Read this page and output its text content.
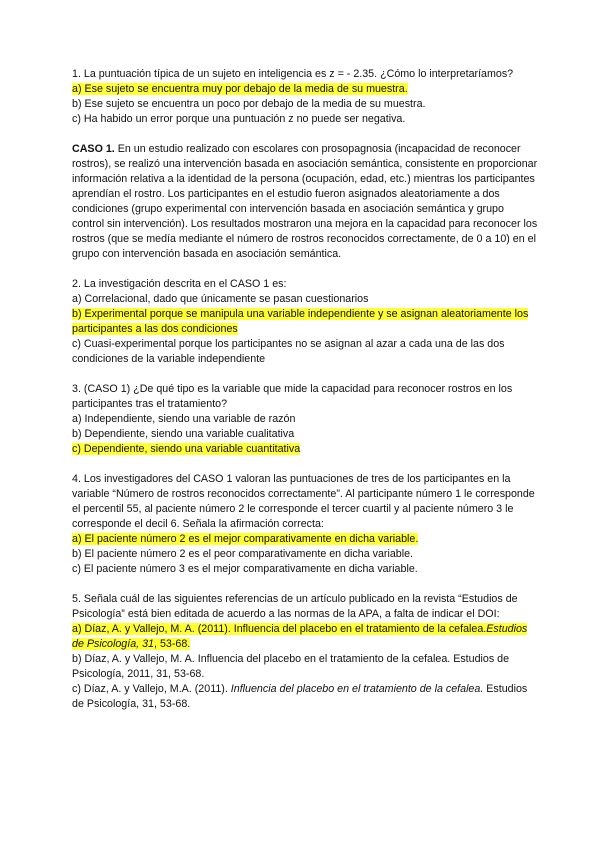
1. La puntuación típica de un sujeto en inteligencia es z = - 2.35. ¿Cómo lo interpretaríamos?

a) Ese sujeto se encuentra muy por debajo de la media de su muestra.

b) Ese sujeto se encuentra un poco por debajo de la media de su muestra.

c) Ha habido un error porque una puntuación z no puede ser negativa.

CASO 1. En un estudio realizado con escolares con prosopagnosia (incapacidad de reconocer rostros), se realizó una intervención basada en asociación semántica, consistente en proporcionar información relativa a la identidad de la persona (ocupación, edad, etc.) mientras los participantes aprendían el rostro. Los participantes en el estudio fueron asignados aleatoriamente a dos condiciones (grupo experimental con intervención basada en asociación semántica y grupo control sin intervención). Los resultados mostraron una mejora en la capacidad para reconocer los rostros (que se medía mediante el número de rostros reconocidos correctamente, de 0 a 10) en el grupo con intervención basada en asociación semántica.

2. La investigación descrita en el CASO 1 es:

a) Correlacional, dado que únicamente se pasan cuestionarios

b) Experimental porque se manipula una variable independiente y se asignan aleatoriamente los participantes a las dos condiciones

c) Cuasi-experimental porque los participantes no se asignan al azar a cada una de las dos condiciones de la variable independiente

3. (CASO 1) ¿De qué tipo es la variable que mide la capacidad para reconocer rostros en los participantes tras el tratamiento?

a) Independiente, siendo una variable de razón

b) Dependiente, siendo una variable cualitativa

c) Dependiente, siendo una variable cuantitativa

4. Los investigadores del CASO 1 valoran las puntuaciones de tres de los participantes en la variable “Número de rostros reconocidos correctamente”. Al participante número 1 le corresponde el percentil 55, al paciente número 2 le corresponde el tercer cuartil y al paciente número 3 le corresponde el decil 6. Señala la afirmación correcta:

a) El paciente número 2 es el mejor comparativamente en dicha variable.

b) El paciente número 2 es el peor comparativamente en dicha variable.

c) El paciente número 3 es el mejor comparativamente en dicha variable.

5. Señala cuál de las siguientes referencias de un artículo publicado en la revista “Estudios de Psicología” está bien editada de acuerdo a las normas de la APA, a falta de indicar el DOI:

a) Díaz, A. y Vallejo, M. A. (2011). Influencia del placebo en el tratamiento de la cefalea.Estudios de Psicología, 31, 53-68.

b) Díaz, A. y Vallejo, M. A. Influencia del placebo en el tratamiento de la cefalea. Estudios de Psicología, 2011, 31, 53-68.

c) Díaz, A. y Vallejo, M.A. (2011). Influencia del placebo en el tratamiento de la cefalea. Estudios de Psicología, 31, 53-68.
